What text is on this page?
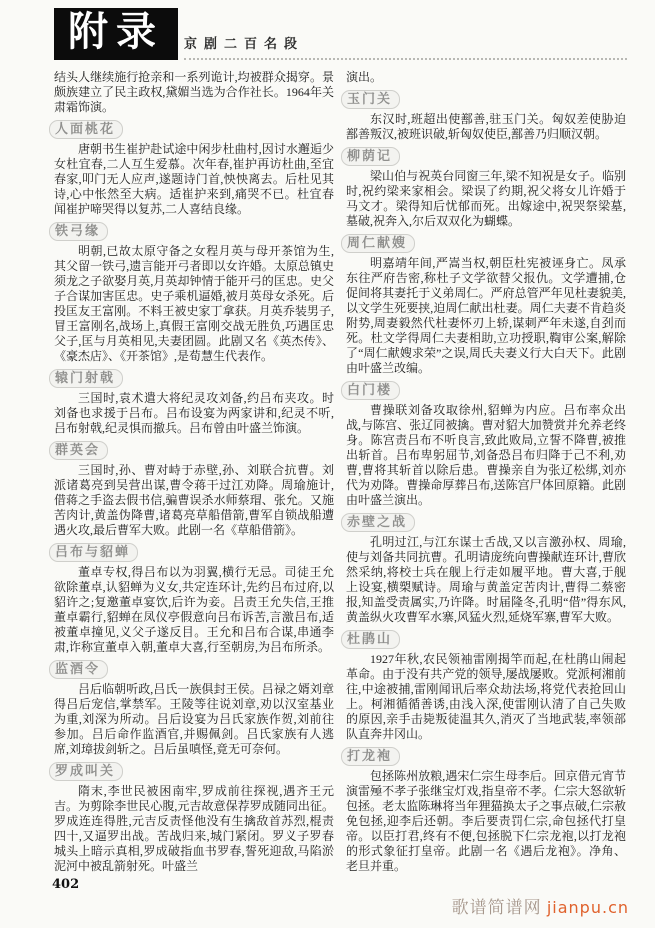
附录	京剧二百名段

结头人继续施行抢亲和一系列诡计,均被群众揭穿。景颇族建立了民主政权,黛媚当选为合作社长。1964年关肃霜饰演。

人面桃花

唐朝书生崔护赴试途中闲步杜曲村,因讨水邂逅少女杜宜春,二人互生爱慕。次年春,崔护再访杜曲,至宜春家,叩门无人应声,遂题诗门首,怏怏离去。后杜见其诗,心中怅然至大病。适崔护来到,痛哭不已。杜宜春闻崔护啼哭得以复苏,二人喜结良缘。

铁弓缘

明朝,已故太原守备之女程月英与母开茶馆为生,其父留一铁弓,遗言能开弓者即以女许婚。太原总镇史须龙之子欲娶月英,月英却钟情于能开弓的匡忠。史父子合谋加害匡忠。史子乘机逼婚,被月英母女杀死。后投匡友王富刚。不料王被史家丁拿获。月英乔装男子,冒王富刚名,战场上,真假王富刚交战无胜负,巧遇匡忠父子,匡与月英相见,夫妻团圆。此剧又名《英杰传》、《豪杰店》、《开茶馆》,是荀慧生代表作。

辕门射戟

三国时,袁术遣大将纪灵攻刘备,约吕布夹攻。时刘备也求援于吕布。吕布设宴为两家讲和,纪灵不听,吕布射戟,纪灵惧而撤兵。吕布曾由叶盛兰饰演。

群英会

三国时,孙、曹对峙于赤壁,孙、刘联合抗曹。刘派诸葛亮到吴营出谋,曹令蒋干过江劝降。周瑜施计,借蒋之手盗去假书信,骗曹误杀水师蔡瑁、张允。又施苦肉计,黄盖伪降曹,诸葛亮草船借箭,曹军自锁战船遭遇火攻,最后曹军大败。此剧一名《草船借箭》。

吕布与貂蝉

董卓专权,得吕布以为羽翼,横行无忌。司徒王允欲除董卓,认貂蝉为义女,共定连环计,先约吕布过府,以貂许之;复邀董卓宴饮,后许为妾。吕责王允失信,王推董卓霸行,貂蝉在凤仪亭假意向吕布诉苦,言激吕布,适被董卓撞见,义父子遂反目。王允和吕布合谋,串通李肃,诈称宣董卓入朝,董卓大喜,行至朝房,为吕布所杀。

监酒令

吕后临朝听政,吕氏一族俱封王侯。吕禄之婿刘章得吕后宠信,掌禁军。王陵等往说刘章,劝以汉室基业为重,刘深为所动。吕后设宴为吕氏家族作贺,刘前往参加。吕后命作监酒官,并赐佩剑。吕氏家族有人逃席,刘璋拔剑斩之。吕后虽嗔怪,竟无可奈何。

罗成叫关

隋末,李世民被困南牢,罗成前往探视,遇齐王元吉。为剪除李世民心腹,元吉故意保荐罗成随同出征。罗成连连得胜,元吉反责怪他没有生擒敌首苏烈,棍责四十,又逼罗出战。苦战归来,城门紧闭。罗义子罗春城头上暗示真相,罗成破指血书罗春,誓死迎敌,马陷淤泥河中被乱箭射死。叶盛兰

演出。

玉门关

东汉时,班超出使鄯善,驻玉门关。匈奴差使胁迫鄯善叛汉,被班识破,斩匈奴使臣,鄯善乃归顺汉朝。

柳荫记

梁山伯与祝英台同窗三年,梁不知祝是女子。临别时,祝约梁来家相会。梁误了约期,祝父将女儿许婚于马文才。梁得知后忧郁而死。出嫁途中,祝哭祭梁墓,墓破,祝奔入,尔后双双化为蝴蝶。

周仁献嫂

明嘉靖年间,严嵩当权,朝臣杜宪被诬身亡。凤承东往严府告密,称杜子文学欲替父报仇。文学遭捕,仓促间将其妻托于义弟周仁。严府总管严年见杜妻貌美,以文学生死要挟,迫周仁献出杜妻。周仁夫妻不肯趋炎附势,周妻毅然代杜妻怀刃上轿,谋刺严年未遂,自刭而死。杜文学得周仁夫妻相助,立功授职,鞫审公案,解除了“周仁献嫂求荣”之误,周氏夫妻义行大白天下。此剧由叶盛兰改编。

白门楼

曹操联刘备攻取徐州,貂蝉为内应。吕布率众出战,与陈宫、张辽同被擒。曹对貂大加赞赏并允养老终身。陈宫责吕布不听良言,致此败局,立誓不降曹,被推出斩首。吕布卑躬屈节,刘备恐吕布归降于己不利,劝曹,曹将其斩首以除后患。曹操亲自为张辽松绑,刘亦代为劝降。曹操命厚葬吕布,送陈宫尸体回原籍。此剧由叶盛兰演出。

赤壁之战

孔明过江,与江东谋士舌战,又以言激孙权、周瑜,使与刘备共同抗曹。孔明请庞统向曹操献连环计,曹欣然采纳,将校士兵在舰上行走如履平地。曹大喜,于舰上设宴,横槊赋诗。周瑜与黄盖定苦肉计,曹得二蔡密报,知盖受责属实,乃许降。时届隆冬,孔明“借”得东风,黄盖纵火攻曹军水寨,风猛火烈,延烧军寨,曹军大败。

杜鹃山

1927年秋,农民领袖雷刚揭竿而起,在杜鹃山闹起革命。由于没有共产党的领导,屡战屡败。党派柯湘前往,中途被捕,雷刚闻讯后率众劫法场,将党代表抢回山上。柯湘循循善诱,由浅入深,使雷刚认清了自己失败的原因,亲手击毙叛徒温其久,消灭了当地武装,率领部队直奔井冈山。

打龙袍

包拯陈州放粮,遇宋仁宗生母李后。回京借元宵节演雷殛不孝子张继宝灯戏,指皇帝不孝。仁宗大怒欲斩包拯。老太监陈琳将当年狸猫换太子之事点破,仁宗赦免包拯,迎李后还朝。李后要责罚仁宗,命包拯代打皇帝。以臣打君,终有不便,包拯脱下仁宗龙袍,以打龙袍的形式象征打皇帝。此剧一名《遇后龙袍》。净角、老旦并重。

402
歌谱简谱网 jianpu.cn
